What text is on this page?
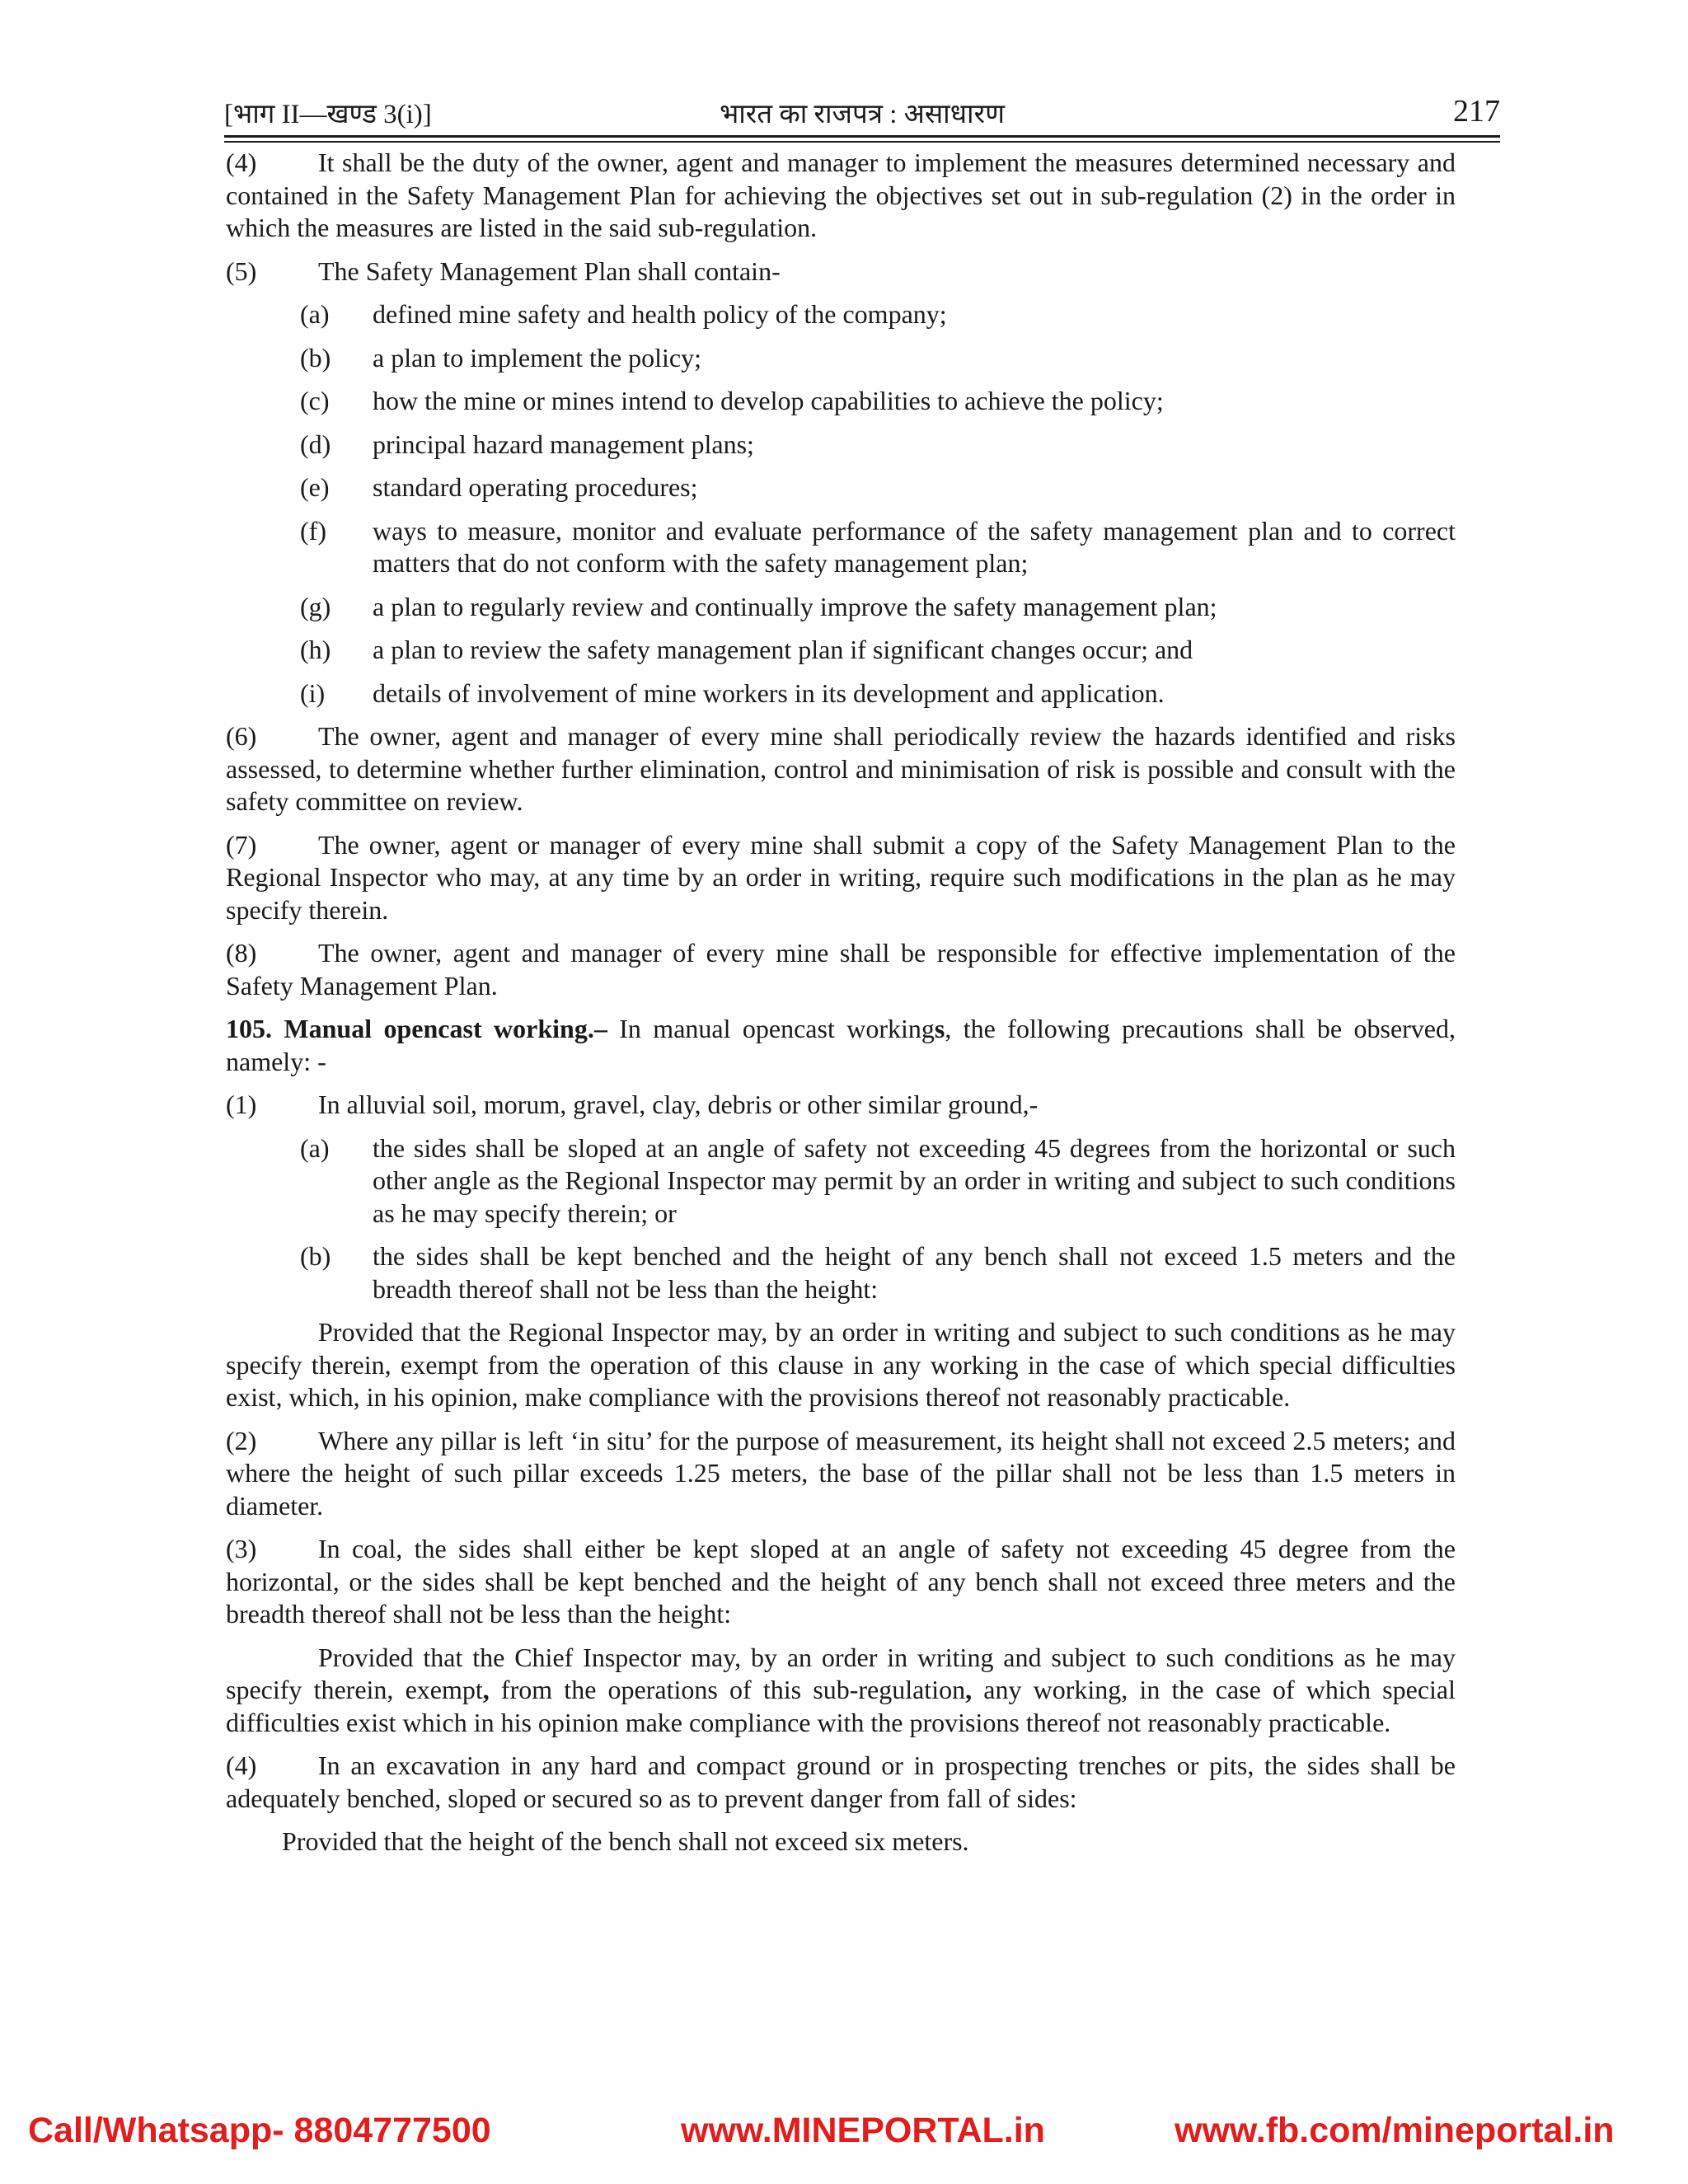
[भाग II—खण्ड 3(i)]	भारत का राजपत्र : असाधारण	217
(4) It shall be the duty of the owner, agent and manager to implement the measures determined necessary and contained in the Safety Management Plan for achieving the objectives set out in sub-regulation (2) in the order in which the measures are listed in the said sub-regulation.
(5) The Safety Management Plan shall contain-
(a) defined mine safety and health policy of the company;
(b) a plan to implement the policy;
(c) how the mine or mines intend to develop capabilities to achieve the policy;
(d) principal hazard management plans;
(e) standard operating procedures;
(f) ways to measure, monitor and evaluate performance of the safety management plan and to correct matters that do not conform with the safety management plan;
(g) a plan to regularly review and continually improve the safety management plan;
(h) a plan to review the safety management plan if significant changes occur; and
(i) details of involvement of mine workers in its development and application.
(6) The owner, agent and manager of every mine shall periodically review the hazards identified and risks assessed, to determine whether further elimination, control and minimisation of risk is possible and consult with the safety committee on review.
(7) The owner, agent or manager of every mine shall submit a copy of the Safety Management Plan to the Regional Inspector who may, at any time by an order in writing, require such modifications in the plan as he may specify therein.
(8) The owner, agent and manager of every mine shall be responsible for effective implementation of the Safety Management Plan.
105. Manual opencast working.– In manual opencast workings, the following precautions shall be observed, namely: -
(1) In alluvial soil, morum, gravel, clay, debris or other similar ground,-
(a) the sides shall be sloped at an angle of safety not exceeding 45 degrees from the horizontal or such other angle as the Regional Inspector may permit by an order in writing and subject to such conditions as he may specify therein; or
(b) the sides shall be kept benched and the height of any bench shall not exceed 1.5 meters and the breadth thereof shall not be less than the height:
Provided that the Regional Inspector may, by an order in writing and subject to such conditions as he may specify therein, exempt from the operation of this clause in any working in the case of which special difficulties exist, which, in his opinion, make compliance with the provisions thereof not reasonably practicable.
(2) Where any pillar is left ‘in situ’ for the purpose of measurement, its height shall not exceed 2.5 meters; and where the height of such pillar exceeds 1.25 meters, the base of the pillar shall not be less than 1.5 meters in diameter.
(3) In coal, the sides shall either be kept sloped at an angle of safety not exceeding 45 degree from the horizontal, or the sides shall be kept benched and the height of any bench shall not exceed three meters and the breadth thereof shall not be less than the height:
Provided that the Chief Inspector may, by an order in writing and subject to such conditions as he may specify therein, exempt, from the operations of this sub-regulation, any working, in the case of which special difficulties exist which in his opinion make compliance with the provisions thereof not reasonably practicable.
(4) In an excavation in any hard and compact ground or in prospecting trenches or pits, the sides shall be adequately benched, sloped or secured so as to prevent danger from fall of sides:
Provided that the height of the bench shall not exceed six meters.
Call/Whatsapp- 8804777500	www.MINEPORTAL.in	www.fb.com/mineportal.in
